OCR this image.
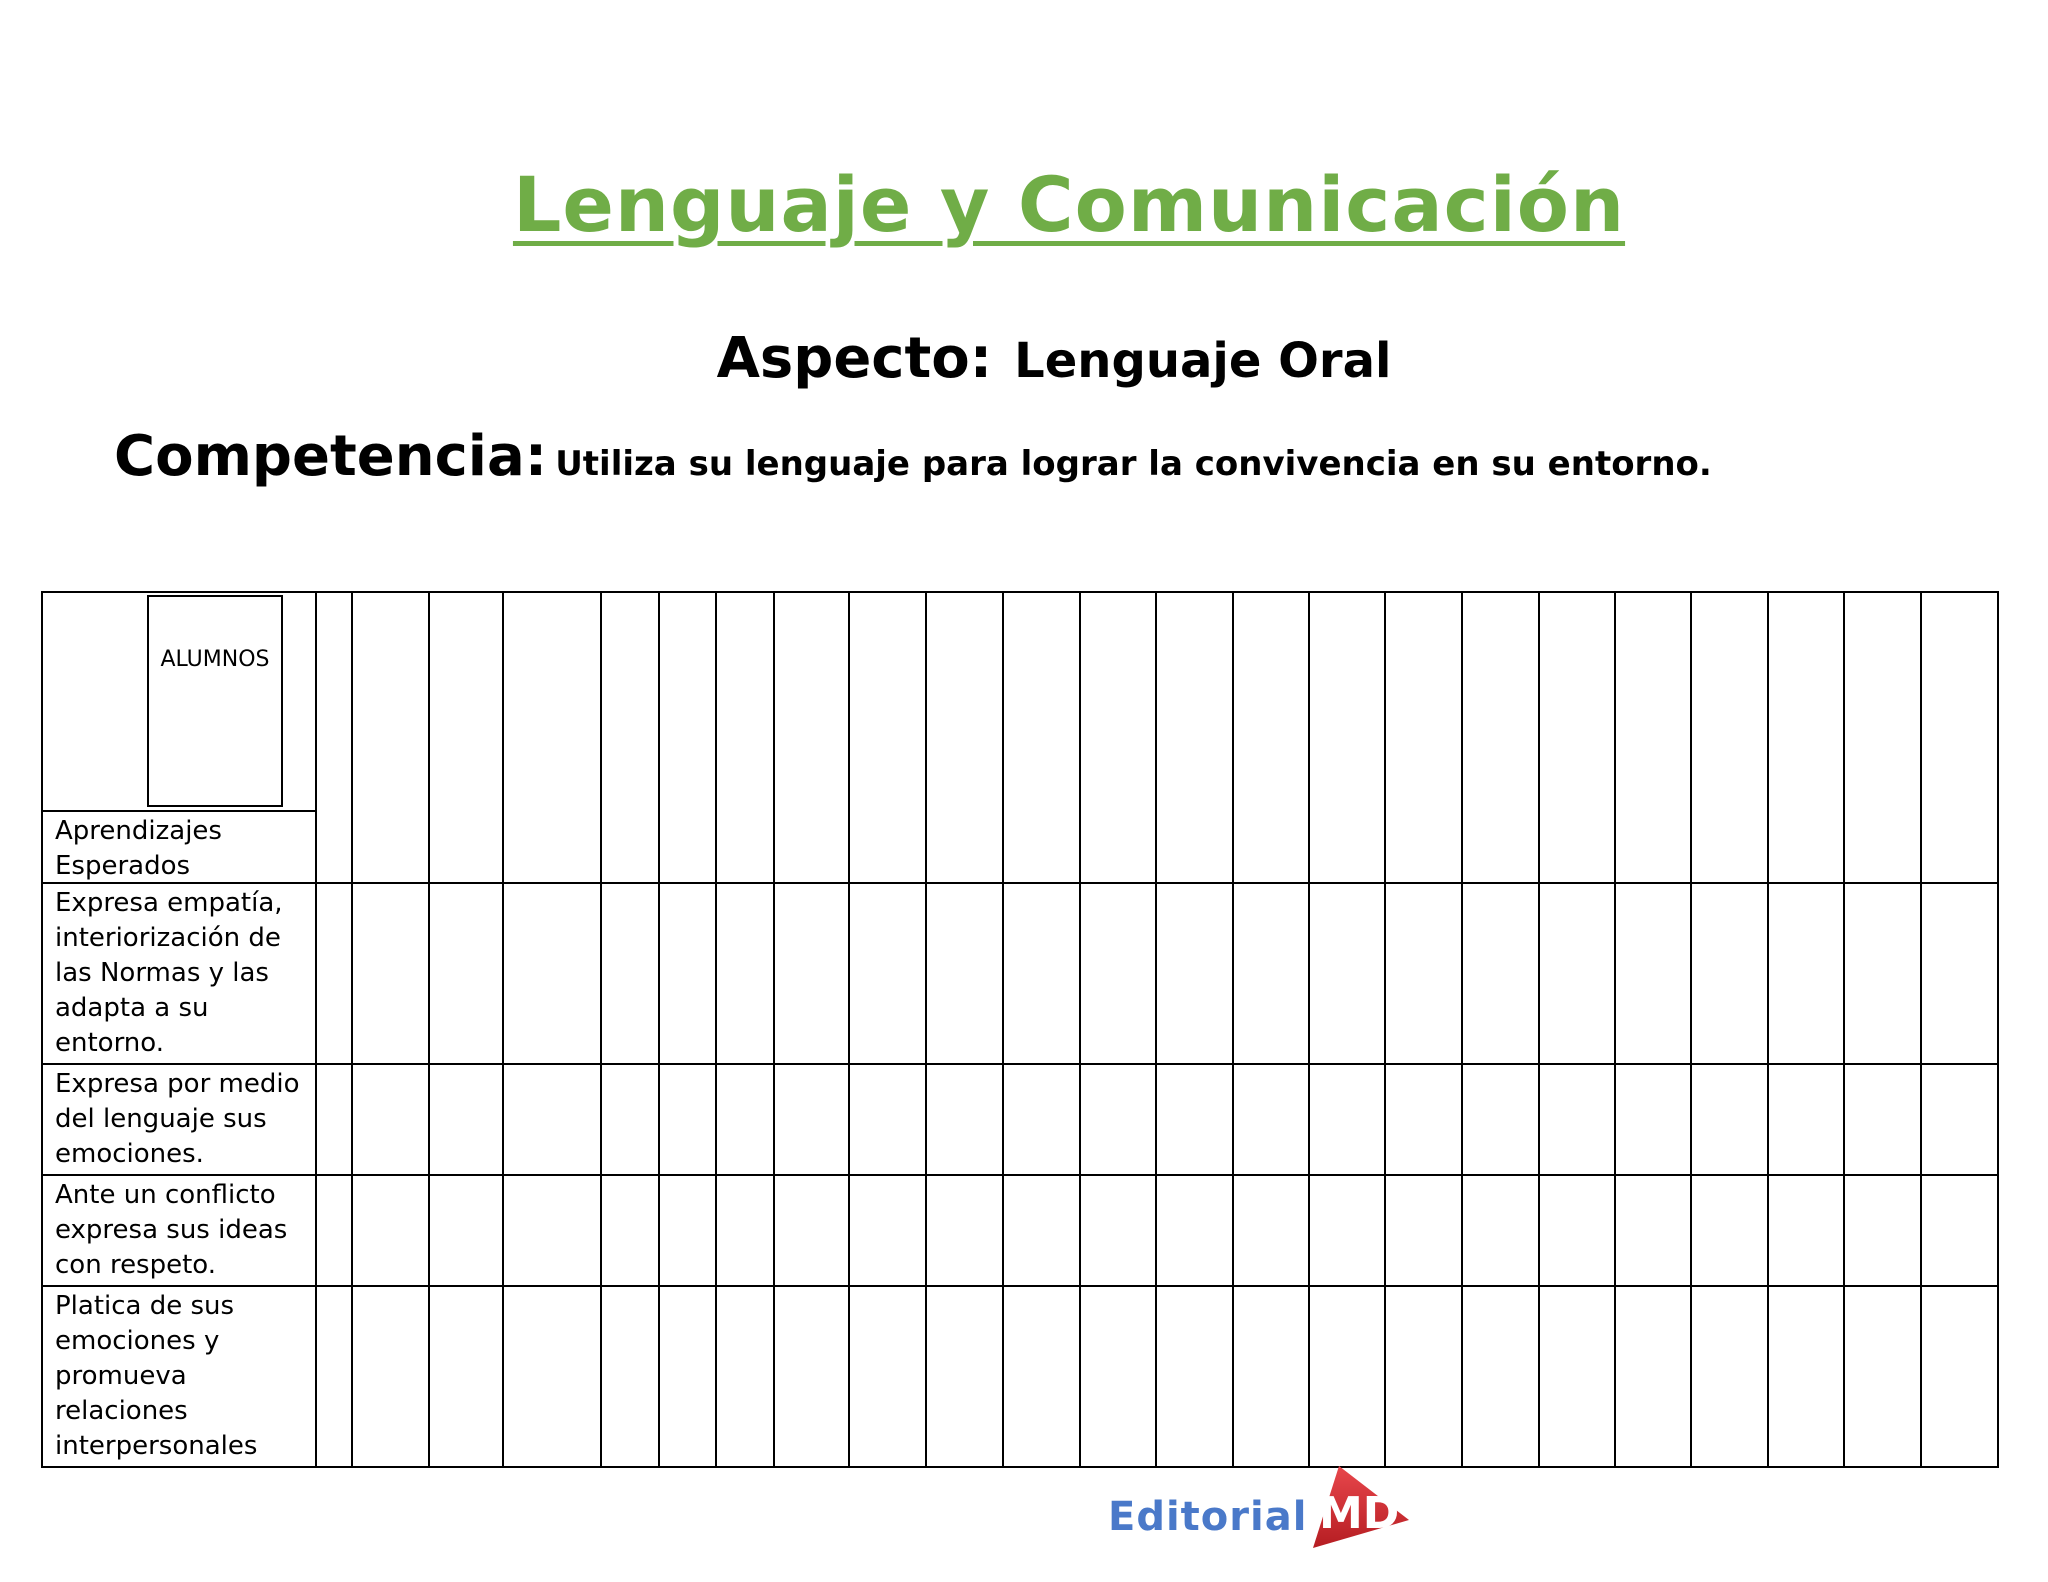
Lenguaje y Comunicación
Aspecto: Lenguaje Oral
Competencia: Utiliza su lenguaje para lograr la convivencia en su entorno.
ALUMNOS
Aprendizajes Esperados																							

Expresa empatía, interiorización de las Normas y las adapta a su entorno.																							
Expresa por medio del lenguaje sus emociones.																							
Ante un conflicto expresa sus ideas con respeto.																							
Platica de sus emociones y promueva relaciones interpersonales																							
Editorial MD
